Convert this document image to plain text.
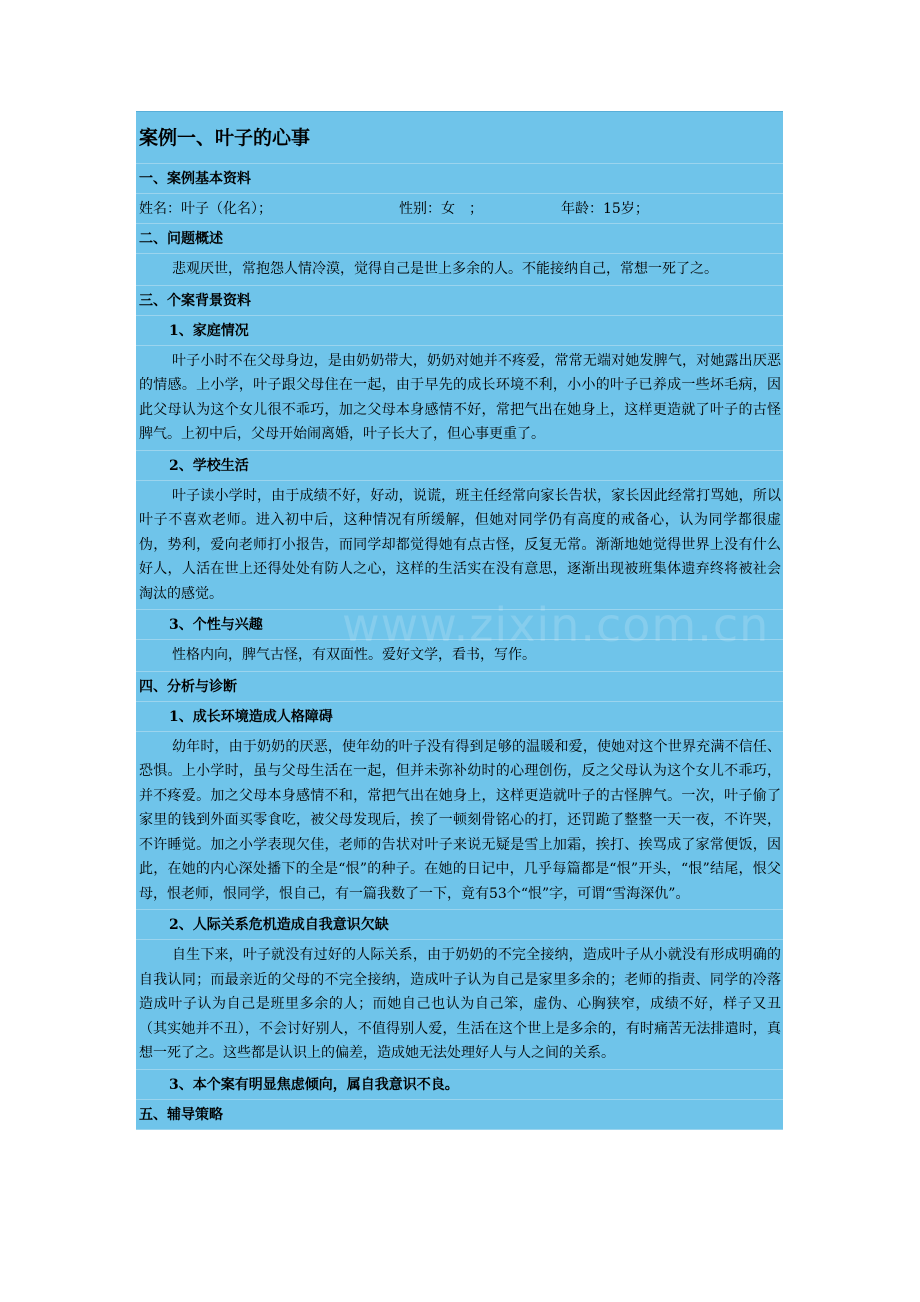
案例一、叶子的心事
一、案例基本资料
姓名：叶子（化名）；	性别：女　；	年龄：15岁；
二、问题概述
悲观厌世，常抱怨人情冷漠，觉得自己是世上多余的人。不能接纳自己，常想一死了之。
三、个案背景资料
1、家庭情况
叶子小时不在父母身边，是由奶奶带大，奶奶对她并不疼爱，常常无端对她发脾气，对她露出厌恶的情感。上小学，叶子跟父母住在一起，由于早先的成长环境不利，小小的叶子已养成一些坏毛病，因此父母认为这个女儿很不乖巧，加之父母本身感情不好，常把气出在她身上，这样更造就了叶子的古怪脾气。上初中后，父母开始闹离婚，叶子长大了，但心事更重了。
2、学校生活
叶子读小学时，由于成绩不好，好动，说谎，班主任经常向家长告状，家长因此经常打骂她，所以叶子不喜欢老师。进入初中后，这种情况有所缓解，但她对同学仍有高度的戒备心，认为同学都很虚伪，势利，爱向老师打小报告，而同学却都觉得她有点古怪，反复无常。渐渐地她觉得世界上没有什么好人，人活在世上还得处处有防人之心，这样的生活实在没有意思，逐渐出现被班集体遗弃终将被社会淘汰的感觉。
3、个性与兴趣
性格内向，脾气古怪，有双面性。爱好文学，看书，写作。
四、分析与诊断
1、成长环境造成人格障碍
幼年时，由于奶奶的厌恶，使年幼的叶子没有得到足够的温暖和爱，使她对这个世界充满不信任、恐惧。上小学时，虽与父母生活在一起，但并未弥补幼时的心理创伤，反之父母认为这个女儿不乖巧，并不疼爱。加之父母本身感情不和，常把气出在她身上，这样更造就叶子的古怪脾气。一次，叶子偷了家里的钱到外面买零食吃，被父母发现后，挨了一顿刻骨铭心的打，还罚跪了整整一天一夜，不许哭，不许睡觉。加之小学表现欠佳，老师的告状对叶子来说无疑是雪上加霜，挨打、挨骂成了家常便饭，因此，在她的内心深处播下的全是“恨”的种子。在她的日记中，几乎每篇都是“恨”开头，“恨”结尾，恨父母，恨老师，恨同学，恨自己，有一篇我数了一下，竟有53个“恨”字，可谓“雪海深仇”。
2、人际关系危机造成自我意识欠缺
自生下来，叶子就没有过好的人际关系，由于奶奶的不完全接纳，造成叶子从小就没有形成明确的自我认同；而最亲近的父母的不完全接纳，造成叶子认为自己是家里多余的；老师的指责、同学的冷落造成叶子认为自己是班里多余的人；而她自己也认为自己笨，虚伪、心胸狭窄，成绩不好，样子又丑（其实她并不丑），不会讨好别人，不值得别人爱，生活在这个世上是多余的，有时痛苦无法排遣时，真想一死了之。这些都是认识上的偏差，造成她无法处理好人与人之间的关系。
3、本个案有明显焦虑倾向，属自我意识不良。
五、辅导策略
